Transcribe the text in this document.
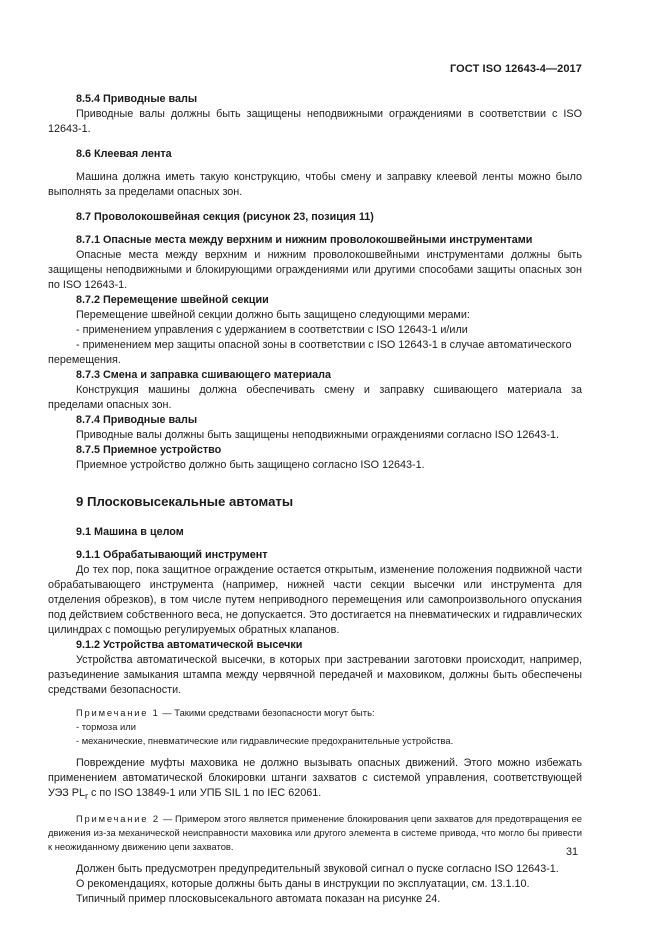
ГОСТ ISO 12643-4—2017

8.5.4 Приводные валы

Приводные валы должны быть защищены неподвижными ограждениями в соответствии с ISO 12643-1.

8.6 Клеевая лента

Машина должна иметь такую конструкцию, чтобы смену и заправку клеевой ленты можно было выполнять за пределами опасных зон.

8.7 Проволокошвейная секция (рисунок 23, позиция 11)

8.7.1 Опасные места между верхним и нижним проволокошвейными инструментами

Опасные места между верхним и нижним проволокошвейными инструментами должны быть защищены неподвижными и блокирующими ограждениями или другими способами защиты опасных зон по ISO 12643-1.

8.7.2 Перемещение швейной секции

Перемещение швейной секции должно быть защищено следующими мерами:

- применением управления с удержанием в соответствии с ISO 12643-1 и/или

- применением мер защиты опасной зоны в соответствии с ISO 12643-1 в случае автоматического перемещения.

8.7.3 Смена и заправка сшивающего материала

Конструкция машины должна обеспечивать смену и заправку сшивающего материала за пределами опасных зон.

8.7.4 Приводные валы

Приводные валы должны быть защищены неподвижными ограждениями согласно ISO 12643-1.

8.7.5 Приемное устройство

Приемное устройство должно быть защищено согласно ISO 12643-1.

9 Плосковысекальные автоматы

9.1 Машина в целом

9.1.1 Обрабатывающий инструмент

До тех пор, пока защитное ограждение остается открытым, изменение положения подвижной части обрабатывающего инструмента (например, нижней части секции высечки или инструмента для отделения обрезков), в том числе путем неприводного перемещения или самопроизвольного опускания под действием собственного веса, не допускается. Это достигается на пневматических и гидравлических цилиндрах с помощью регулируемых обратных клапанов.

9.1.2 Устройства автоматической высечки

Устройства автоматической высечки, в которых при застревании заготовки происходит, например, разъединение замыкания штампа между червячной передачей и маховиком, должны быть обеспечены средствами безопасности.

Примечание 1 — Такими средствами безопасности могут быть:

- тормоза или

- механические, пневматические или гидравлические предохранительные устройства.

Повреждение муфты маховика не должно вызывать опасных движений. Этого можно избежать применением автоматической блокировки штанги захватов с системой управления, соответствующей УЭЗ $PL_r$ с по ISO 13849-1 или УПБ SIL 1 по IEC 62061.

Примечание 2 — Примером этого является применение блокирования цепи захватов для предотвращения ее движения из-за механической неисправности маховика или другого элемента в системе привода, что могло бы привести к неожиданному движению цепи захватов.

Должен быть предусмотрен предупредительный звуковой сигнал о пуске согласно ISO 12643-1.

О рекомендациях, которые должны быть даны в инструкции по эксплуатации, см. 13.1.10.

Типичный пример плосковысекального автомата показан на рисунке 24.

31
